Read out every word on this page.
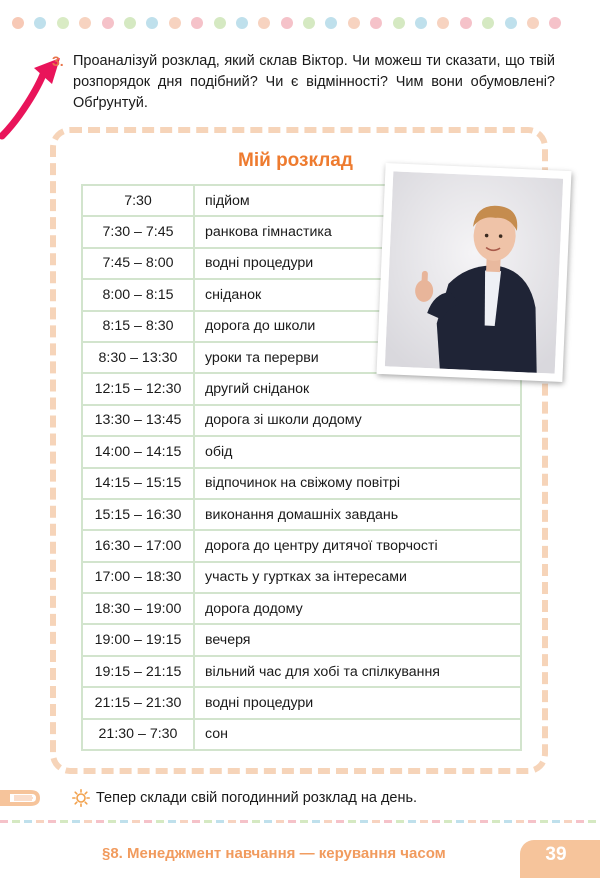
3. Проаналізуй розклад, який склав Віктор. Чи можеш ти сказати, що твій розпорядок дня подібний? Чи є відмінності? Чим вони обумовлені? Обґрунтуй.
Мій розклад
7:30	підйом
7:30 – 7:45	ранкова гімнастика
7:45 – 8:00	водні процедури
8:00 – 8:15	сніданок
8:15 – 8:30	дорога до школи
8:30 – 13:30	уроки та перерви
12:15 – 12:30	другий сніданок
13:30 – 13:45	дорога зі школи додому
14:00 – 14:15	обід
14:15 – 15:15	відпочинок на свіжому повітрі
15:15 – 16:30	виконання домашніх завдань
16:30 – 17:00	дорога до центру дитячої творчості
17:00 – 18:30	участь у гуртках за інтересами
18:30 – 19:00	дорога додому
19:00 – 19:15	вечеря
19:15 – 21:15	вільний час для хобі та спілкування
21:15 – 21:30	водні процедури
21:30 – 7:30	сон
Тепер склади свій погодинний розклад на день.
§8. Менеджмент навчання — керування часом	39
